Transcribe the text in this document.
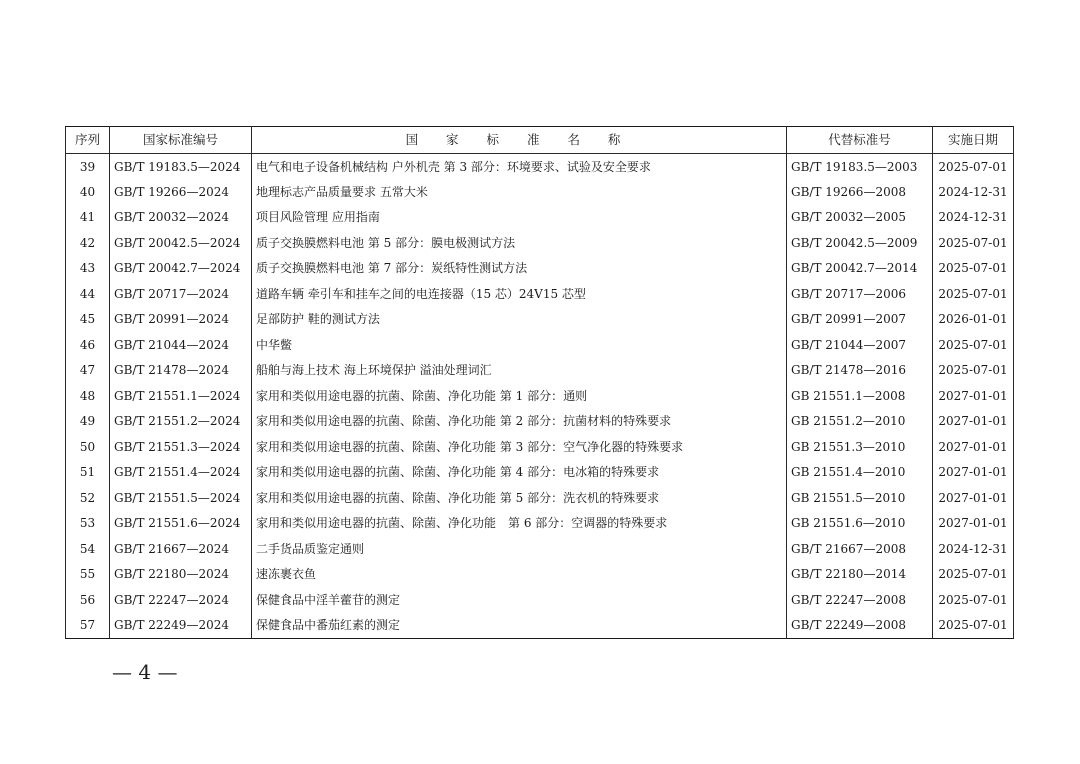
序列	国家标准编号	国 家 标 准 名 称	代替标准号	实施日期
39	GB/T 19183.5—2024	电气和电子设备机械结构 户外机壳 第 3 部分：环境要求、试验及安全要求	GB/T 19183.5—2003	2025-07-01
40	GB/T 19266—2024	地理标志产品质量要求 五常大米	GB/T 19266—2008	2024-12-31
41	GB/T 20032—2024	项目风险管理 应用指南	GB/T 20032—2005	2024-12-31
42	GB/T 20042.5—2024	质子交换膜燃料电池 第 5 部分：膜电极测试方法	GB/T 20042.5—2009	2025-07-01
43	GB/T 20042.7—2024	质子交换膜燃料电池 第 7 部分：炭纸特性测试方法	GB/T 20042.7—2014	2025-07-01
44	GB/T 20717—2024	道路车辆 牵引车和挂车之间的电连接器（15 芯）24V15 芯型	GB/T 20717—2006	2025-07-01
45	GB/T 20991—2024	足部防护 鞋的测试方法	GB/T 20991—2007	2026-01-01
46	GB/T 21044—2024	中华鳖	GB/T 21044—2007	2025-07-01
47	GB/T 21478—2024	船舶与海上技术 海上环境保护 溢油处理词汇	GB/T 21478—2016	2025-07-01
48	GB/T 21551.1—2024	家用和类似用途电器的抗菌、除菌、净化功能 第 1 部分：通则	GB 21551.1—2008	2027-01-01
49	GB/T 21551.2—2024	家用和类似用途电器的抗菌、除菌、净化功能 第 2 部分：抗菌材料的特殊要求	GB 21551.2—2010	2027-01-01
50	GB/T 21551.3—2024	家用和类似用途电器的抗菌、除菌、净化功能 第 3 部分：空气净化器的特殊要求	GB 21551.3—2010	2027-01-01
51	GB/T 21551.4—2024	家用和类似用途电器的抗菌、除菌、净化功能 第 4 部分：电冰箱的特殊要求	GB 21551.4—2010	2027-01-01
52	GB/T 21551.5—2024	家用和类似用途电器的抗菌、除菌、净化功能 第 5 部分：洗衣机的特殊要求	GB 21551.5—2010	2027-01-01
53	GB/T 21551.6—2024	家用和类似用途电器的抗菌、除菌、净化功能　第 6 部分：空调器的特殊要求	GB 21551.6—2010	2027-01-01
54	GB/T 21667—2024	二手货品质鉴定通则	GB/T 21667—2008	2024-12-31
55	GB/T 22180—2024	速冻裹衣鱼	GB/T 22180—2014	2025-07-01
56	GB/T 22247—2024	保健食品中淫羊藿苷的测定	GB/T 22247—2008	2025-07-01
57	GB/T 22249—2024	保健食品中番茄红素的测定	GB/T 22249—2008	2025-07-01
— 4 —
